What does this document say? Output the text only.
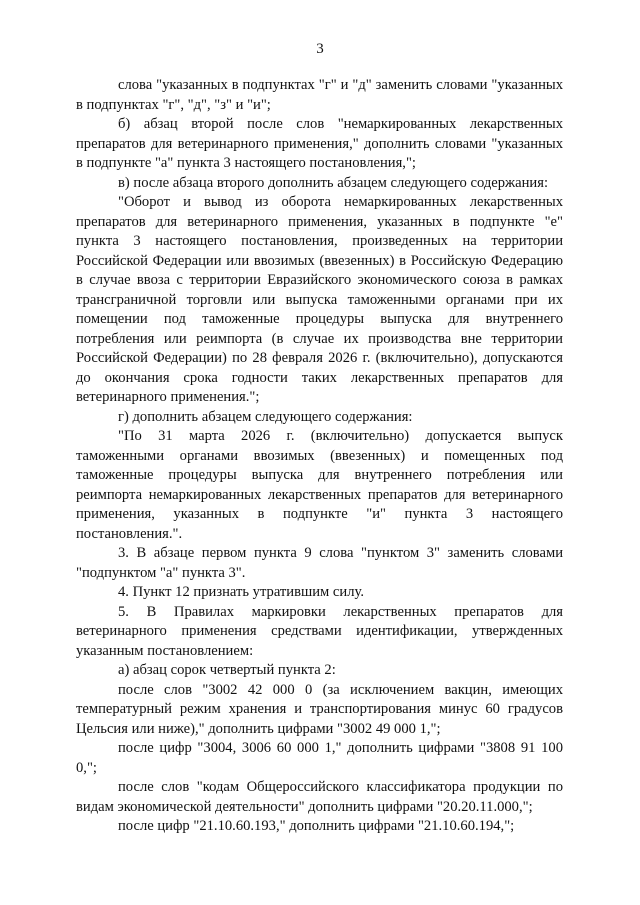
3

слова "указанных в подпунктах "г" и "д" заменить словами "указанных в подпунктах "г", "д", "з" и "и";

б) абзац второй после слов "немаркированных лекарственных препаратов для ветеринарного применения," дополнить словами "указанных в подпункте "а" пункта 3 настоящего постановления,";

в) после абзаца второго дополнить абзацем следующего содержания:

"Оборот и вывод из оборота немаркированных лекарственных препаратов для ветеринарного применения, указанных в подпункте "е" пункта 3 настоящего постановления, произведенных на территории Российской Федерации или ввозимых (ввезенных) в Российскую Федерацию в случае ввоза с территории Евразийского экономического союза в рамках трансграничной торговли или выпуска таможенными органами при их помещении под таможенные процедуры выпуска для внутреннего потребления или реимпорта (в случае их производства вне территории Российской Федерации) по 28 февраля 2026 г. (включительно), допускаются до окончания срока годности таких лекарственных препаратов для ветеринарного применения.";

г) дополнить абзацем следующего содержания:

"По 31 марта 2026 г. (включительно) допускается выпуск таможенными органами ввозимых (ввезенных) и помещенных под таможенные процедуры выпуска для внутреннего потребления или реимпорта немаркированных лекарственных препаратов для ветеринарного применения, указанных в подпункте "и" пункта 3 настоящего постановления.".

3. В абзаце первом пункта 9 слова "пунктом 3" заменить словами "подпунктом "а" пункта 3".

4. Пункт 12 признать утратившим силу.

5. В Правилах маркировки лекарственных препаратов для ветеринарного применения средствами идентификации, утвержденных указанным постановлением:

а) абзац сорок четвертый пункта 2:

после слов "3002 42 000 0 (за исключением вакцин, имеющих температурный режим хранения и транспортирования минус 60 градусов Цельсия или ниже)," дополнить цифрами "3002 49 000 1,";

после цифр "3004, 3006 60 000 1," дополнить цифрами "3808 91 100 0,";

после слов "кодам Общероссийского классификатора продукции по видам экономической деятельности" дополнить цифрами "20.20.11.000,";

после цифр "21.10.60.193," дополнить цифрами "21.10.60.194,";
